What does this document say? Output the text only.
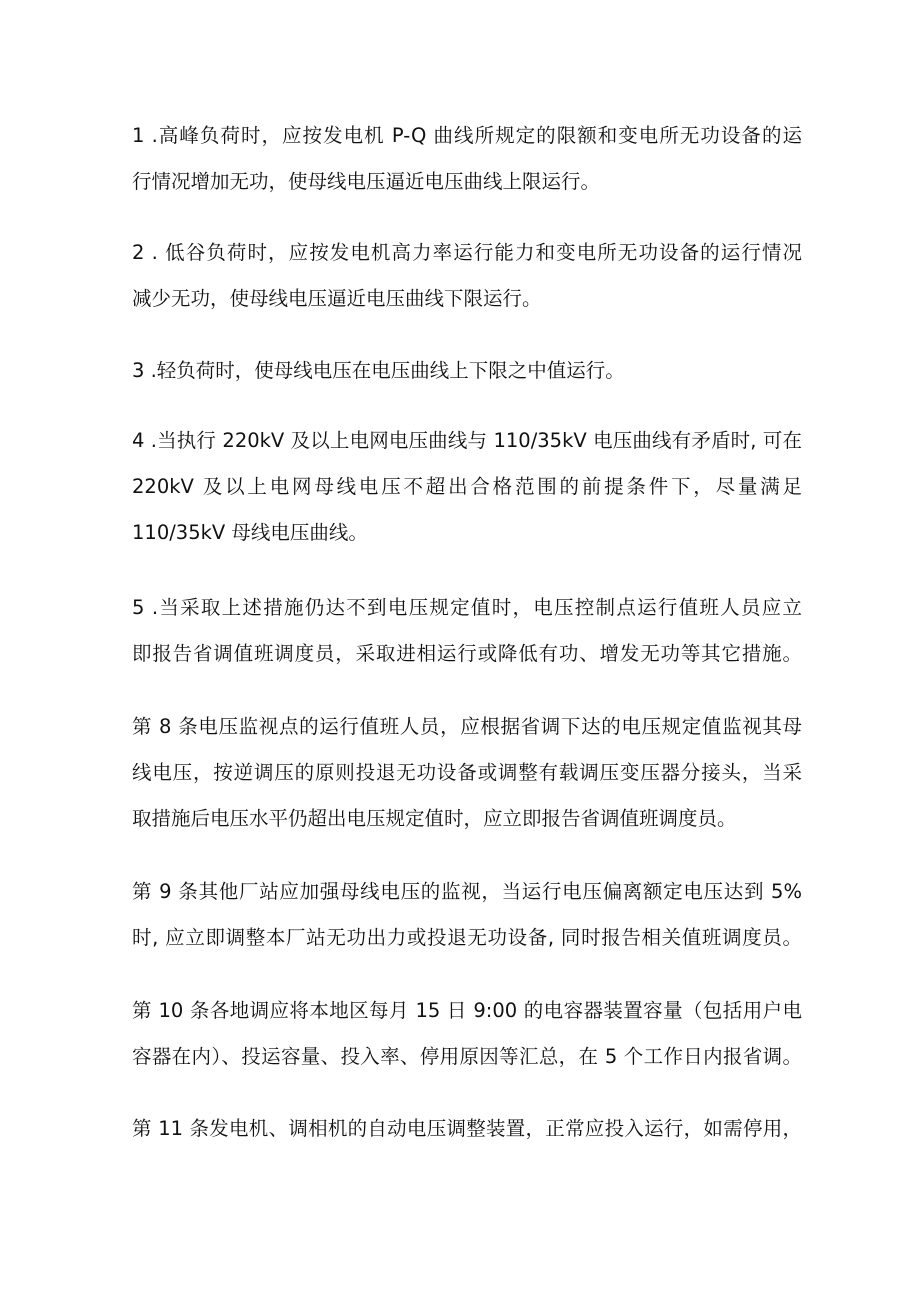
1 .高峰负荷时，应按发电机 P-Q 曲线所规定的限额和变电所无功设备的运
行情况增加无功，使母线电压逼近电压曲线上限运行。
2 . 低谷负荷时，应按发电机高力率运行能力和变电所无功设备的运行情况
减少无功，使母线电压逼近电压曲线下限运行。
3 .轻负荷时，使母线电压在电压曲线上下限之中值运行。
4 .当执行 220kV 及以上电网电压曲线与 110/35kV 电压曲线有矛盾时, 可在
220kV 及以上电网母线电压不超出合格范围的前提条件下，尽量满足
110/35kV 母线电压曲线。
5 .当采取上述措施仍达不到电压规定值时，电压控制点运行值班人员应立
即报告省调值班调度员，采取进相运行或降低有功、增发无功等其它措施。
第 8 条电压监视点的运行值班人员，应根据省调下达的电压规定值监视其母
线电压，按逆调压的原则投退无功设备或调整有载调压变压器分接头，当采
取措施后电压水平仍超出电压规定值时，应立即报告省调值班调度员。
第 9 条其他厂站应加强母线电压的监视，当运行电压偏离额定电压达到 5%
时, 应立即调整本厂站无功出力或投退无功设备, 同时报告相关值班调度员。
第 10 条各地调应将本地区每月 15 日 9:00 的电容器装置容量（包括用户电
容器在内）、投运容量、投入率、停用原因等汇总，在 5 个工作日内报省调。
第 11 条发电机、调相机的自动电压调整装置，正常应投入运行，如需停用，
